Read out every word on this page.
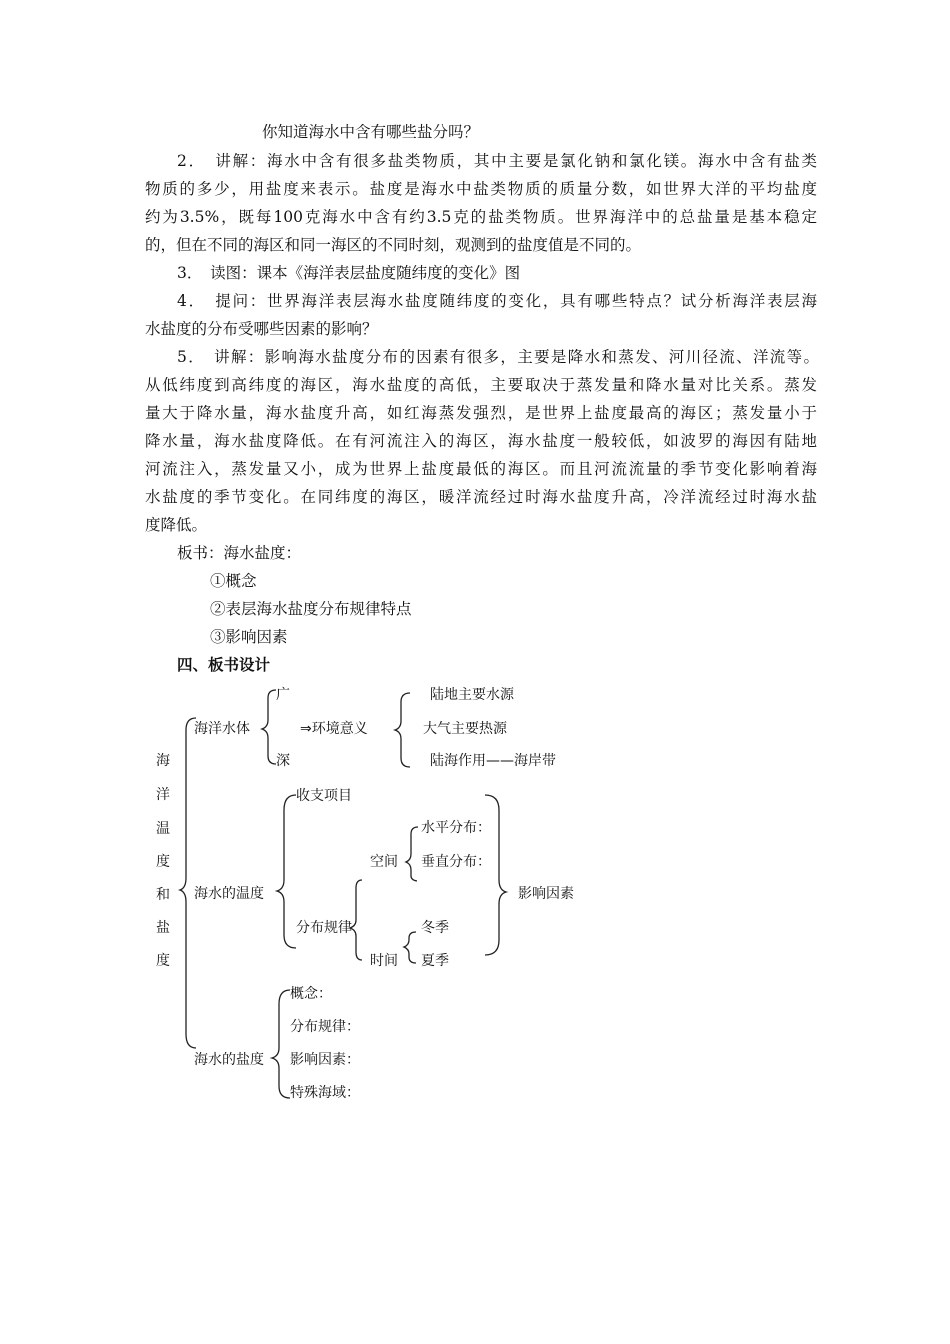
你知道海水中含有哪些盐分吗？
2．　讲解：海水中含有很多盐类物质，其中主要是氯化钠和氯化镁。海水中含有盐类
物质的多少，用盐度来表示。盐度是海水中盐类物质的质量分数，如世界大洋的平均盐度
约为3.5%，既每100克海水中含有约3.5克的盐类物质。世界海洋中的总盐量是基本稳定
的，但在不同的海区和同一海区的不同时刻，观测到的盐度值是不同的。
3．　读图：课本《海洋表层盐度随纬度的变化》图
4．　提问：世界海洋表层海水盐度随纬度的变化，具有哪些特点？试分析海洋表层海
水盐度的分布受哪些因素的影响？
5．　讲解：影响海水盐度分布的因素有很多，主要是降水和蒸发、河川径流、洋流等。
从低纬度到高纬度的海区，海水盐度的高低，主要取决于蒸发量和降水量对比关系。蒸发
量大于降水量，海水盐度升高，如红海蒸发强烈，是世界上盐度最高的海区；蒸发量小于
降水量，海水盐度降低。在有河流注入的海区，海水盐度一般较低，如波罗的海因有陆地
河流注入，蒸发量又小，成为世界上盐度最低的海区。而且河流流量的季节变化影响着海
水盐度的季节变化。在同纬度的海区，暖洋流经过时海水盐度升高，冷洋流经过时海水盐
度降低。
板书：海水盐度：
①概念
②表层海水盐度分布规律特点
③影响因素
四、板书设计
海
洋
温
度
和
盐
度
海洋水体
广
深
⇒环境意义
陆地主要水源
大气主要热源
陆海作用——海岸带
海水的温度
收支项目
分布规律
空间
水平分布：
垂直分布：
时间
冬季
夏季
影响因素
海水的盐度
概念：
分布规律：
影响因素：
特殊海域：
